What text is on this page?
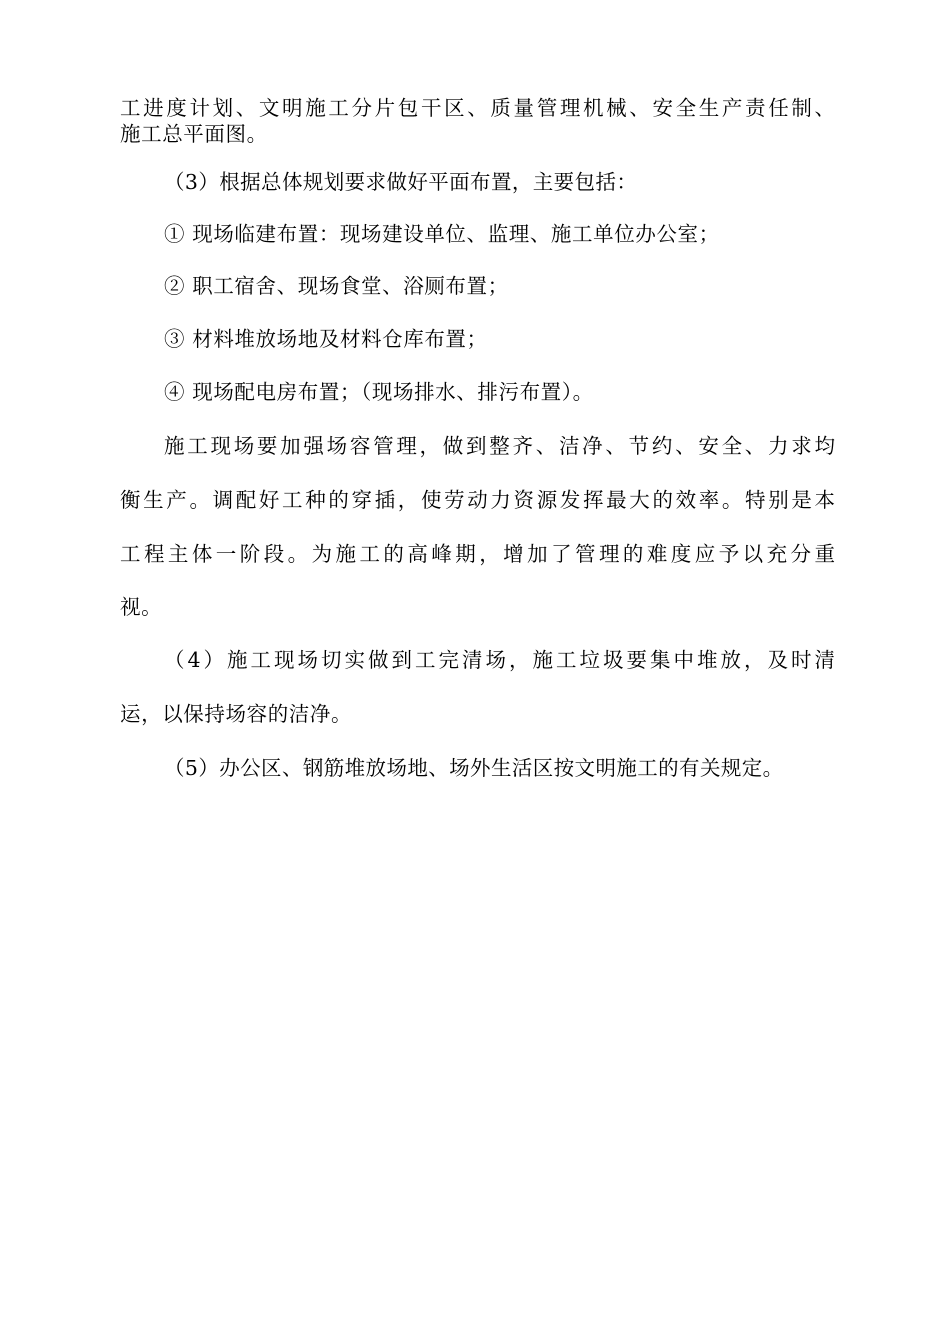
工进度计划、文明施工分片包干区、质量管理机械、安全生产责任制、
施工总平面图。
（3）根据总体规划要求做好平面布置，主要包括：
① 现场临建布置：现场建设单位、监理、施工单位办公室；
② 职工宿舍、现场食堂、浴厕布置；
③ 材料堆放场地及材料仓库布置；
④ 现场配电房布置；（现场排水、排污布置）。
施工现场要加强场容管理，做到整齐、洁净、节约、安全、力求均
衡生产。调配好工种的穿插，使劳动力资源发挥最大的效率。特别是本
工程主体一阶段。为施工的高峰期，增加了管理的难度应予以充分重
视。
（4）施工现场切实做到工完清场，施工垃圾要集中堆放，及时清
运，以保持场容的洁净。
（5）办公区、钢筋堆放场地、场外生活区按文明施工的有关规定。
